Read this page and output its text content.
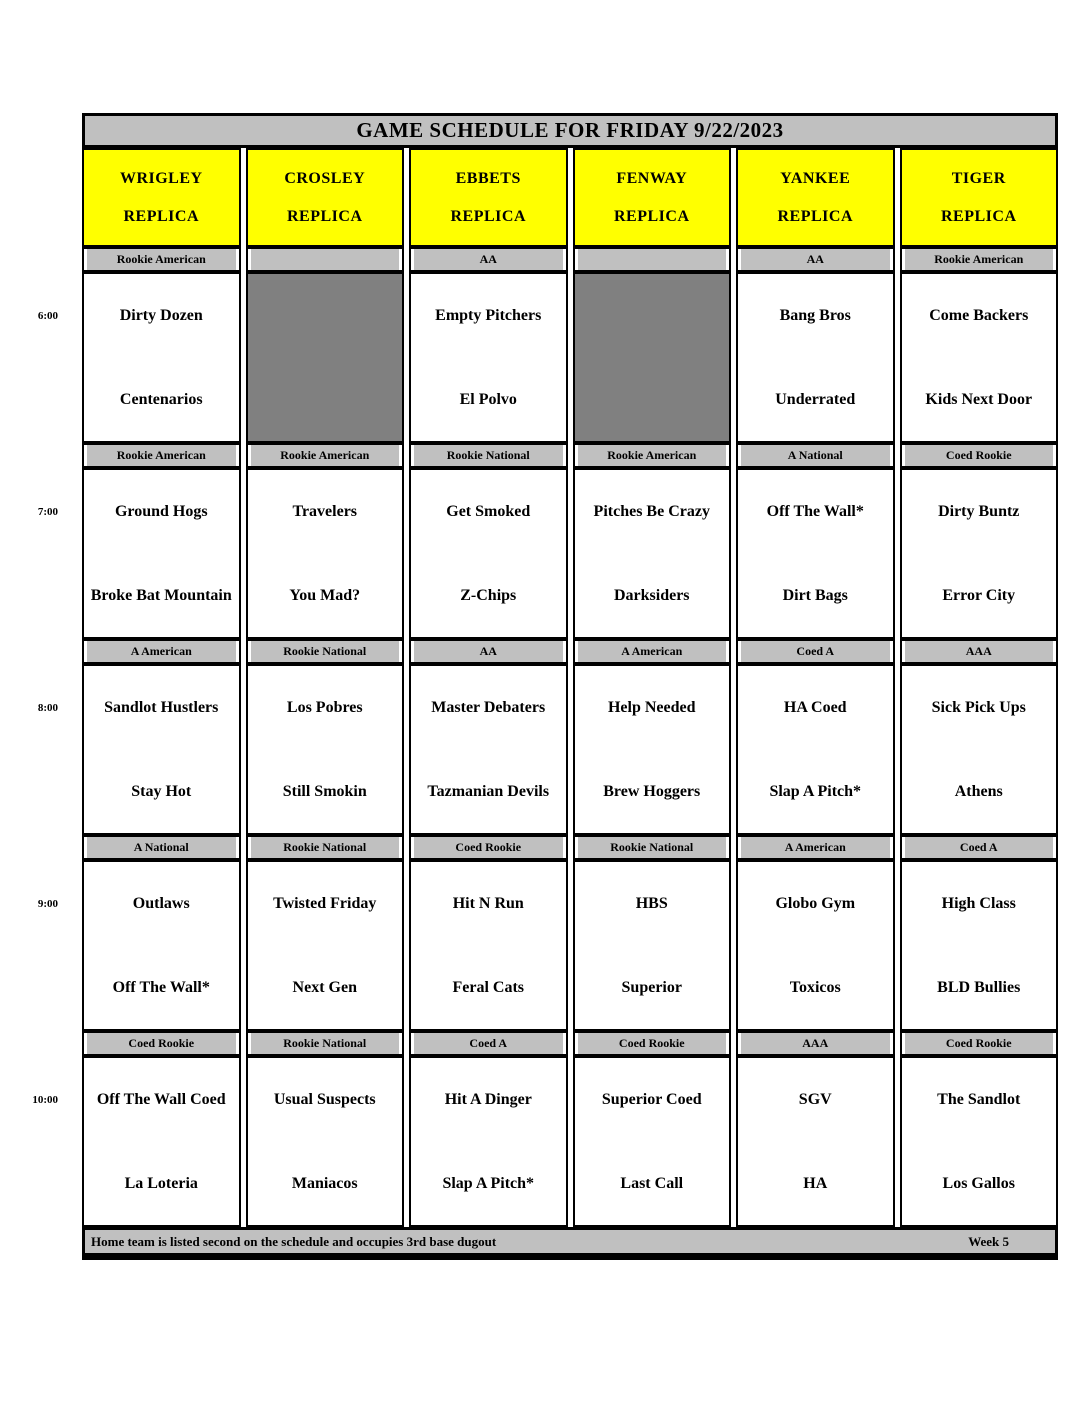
6:00
7:00
8:00
9:00
10:00
GAME SCHEDULE FOR FRIDAY 9/22/2023
WRIGLEY
REPLICA
CROSLEY
REPLICA
EBBETS
REPLICA
FENWAY
REPLICA
YANKEE
REPLICA
TIGER
REPLICA
Rookie American
Dirty Dozen
Centenarios
Rookie American
Ground Hogs
Broke Bat Mountain
A American
Sandlot Hustlers
Stay Hot
A National
Outlaws
Off The Wall*
Coed Rookie
Off The Wall Coed
La Loteria
Rookie American
Travelers
You Mad?
Rookie National
Los Pobres
Still Smokin
Rookie National
Twisted Friday
Next Gen
Rookie National
Usual Suspects
Maniacos
AA
Empty Pitchers
El Polvo
Rookie National
Get Smoked
Z-Chips
AA
Master Debaters
Tazmanian Devils
Coed Rookie
Hit N Run
Feral Cats
Coed A
Hit A Dinger
Slap A Pitch*
Rookie American
Pitches Be Crazy
Darksiders
A American
Help Needed
Brew Hoggers
Rookie National
HBS
Superior
Coed Rookie
Superior Coed
Last Call
AA
Bang Bros
Underrated
A National
Off The Wall*
Dirt Bags
Coed A
HA Coed
Slap A Pitch*
A American
Globo Gym
Toxicos
AAA
SGV
HA
Rookie American
Come Backers
Kids Next Door
Coed Rookie
Dirty Buntz
Error City
AAA
Sick Pick Ups
Athens
Coed A
High Class
BLD Bullies
Coed Rookie
The Sandlot
Los Gallos
Home team is listed second on the schedule and occupies 3rd base dugout	Week 5
